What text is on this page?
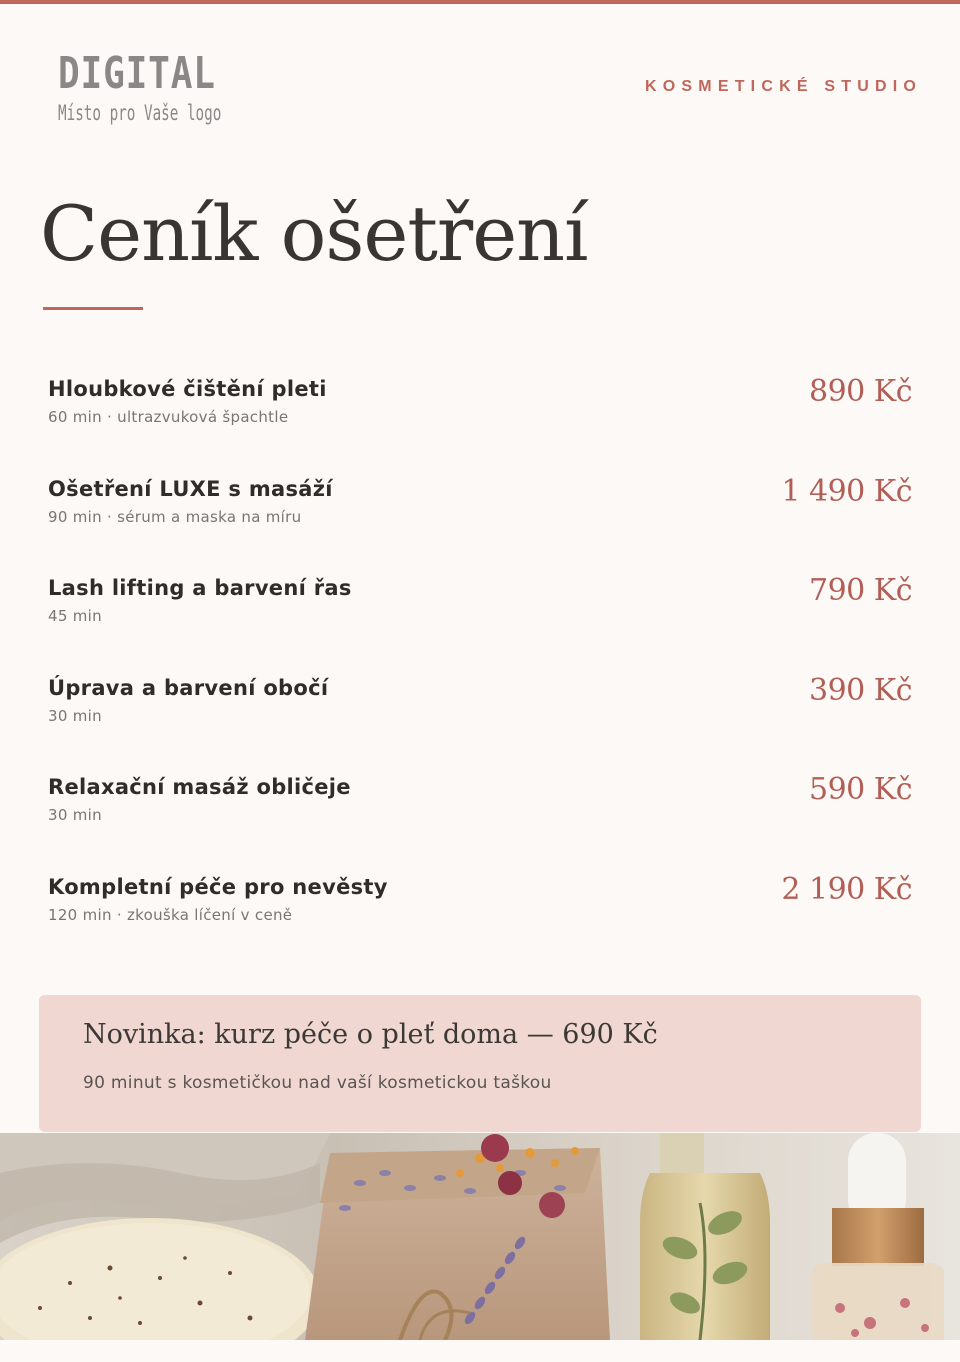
DIGITAL
Místo pro Vaše logo
KOSMETICKÉ STUDIO
Ceník ošetření
Hloubkové čištění pleti
60 min · ultrazvuková špachtle
890 Kč
Ošetření LUXE s masáží
90 min · sérum a maska na míru
1 490 Kč
Lash lifting a barvení řas
45 min
790 Kč
Úprava a barvení obočí
30 min
390 Kč
Relaxační masáž obličeje
30 min
590 Kč
Kompletní péče pro nevěsty
120 min · zkouška líčení v ceně
2 190 Kč
Novinka: kurz péče o pleť doma — 690 Kč
90 minut s kosmetičkou nad vaší kosmetickou taškou
